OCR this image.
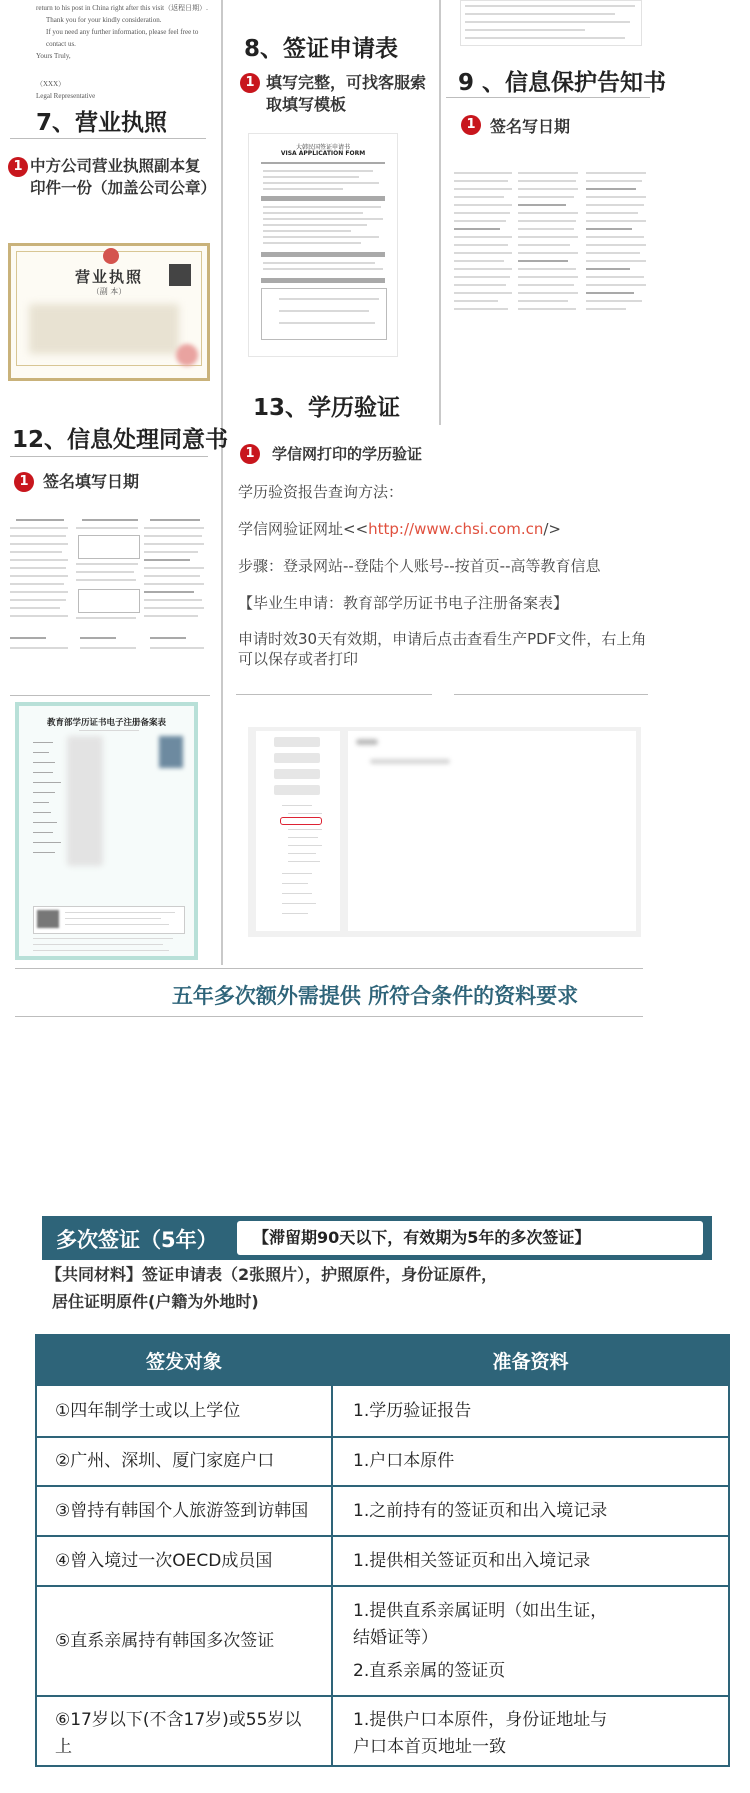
return to his post in China right after this visit（返程日期）.
Thank you for your kindly consideration.
If you need any further information, please feel free to contact us.
Yours Truly,
（XXX）
Legal Representative
7、营业执照
1 中方公司营业执照副本复
印件一份（加盖公司公章）
营业执照
（副 本）
8、签证申请表
1 填写完整，可找客服索
取填写模板
大韩民国签证申请书
VISA APPLICATION FORM
9 、信息保护告知书
1 签名写日期
12、信息处理同意书
1 签名填写日期
教育部学历证书电子注册备案表
13、学历验证
1	学信网打印的学历验证
学历验资报告查询方法：
学信网验证网址<<http://www.chsi.com.cn/>
步骤：登录网站--登陆个人账号--按首页--高等教育信息
【毕业生申请：教育部学历证书电子注册备案表】
申请时效30天有效期，申请后点击查看生产PDF文件，右上角
可以保存或者打印
五年多次额外需提供 所符合条件的资料要求
多次签证（5年）	【滞留期90天以下，有效期为5年的多次签证】
【共同材料】签证申请表（2张照片），护照原件，身份证原件，
居住证明原件(户籍为外地时)
签发对象	准备资料
①四年制学士或以上学位	1.学历验证报告

②广州、深圳、厦门家庭户口	1.户口本原件

③曾持有韩国个人旅游签到访韩国	1.之前持有的签证页和出入境记录

④曾入境过一次OECD成员国	1.提供相关签证页和出入境记录

⑤直系亲属持有韩国多次签证	1.提供直系亲属证明（如出生证，
结婚证等）
2.直系亲属的签证页

⑥17岁以下(不含17岁)或55岁以上	1.提供户口本原件，身份证地址与
户口本首页地址一致
